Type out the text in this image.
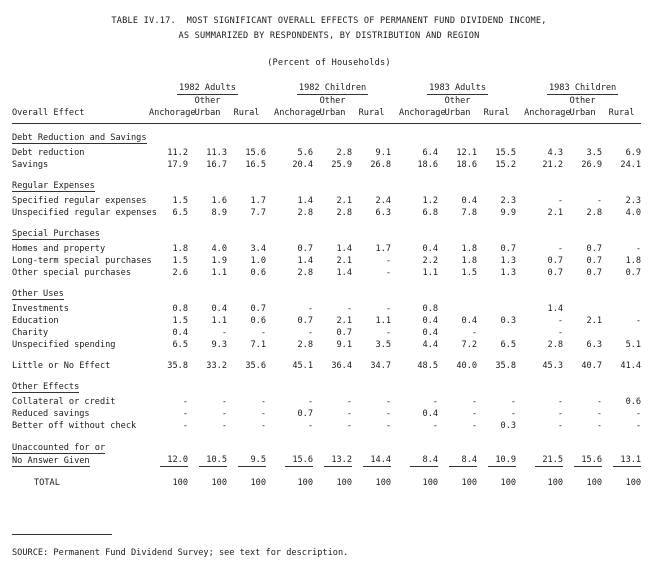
TABLE IV.17.  MOST SIGNIFICANT OVERALL EFFECTS OF PERMANENT FUND DIVIDEND INCOME,
AS SUMMARIZED BY RESPONDENTS, BY DISTRIBUTION AND REGION
(Percent of Households)
	1982 Adults				1982 Children				1983 Adults				1983 Children		
		Other				Other				Other				Other	
Overall Effect	Anchorage	Urban	Rural		Anchorage	Urban	Rural		Anchorage	Urban	Rural		Anchorage	Urban	Rural

Debt Reduction and Savings															

Debt reduction	11.2	11.3	15.6		5.6	2.8	9.1		6.4	12.1	15.5		4.3	3.5	6.9
Savings	17.9	16.7	16.5		20.4	25.9	26.8		18.6	18.6	15.2		21.2	26.9	24.1

Regular Expenses															

Specified regular expenses	1.5	1.6	1.7		1.4	2.1	2.4		1.2	0.4	2.3		-	-	2.3
Unspecified regular expenses	6.5	8.9	7.7		2.8	2.8	6.3		6.8	7.8	9.9		2.1	2.8	4.0

Special Purchases															

Homes and property	1.8	4.0	3.4		0.7	1.4	1.7		0.4	1.8	0.7		-	0.7	-
Long-term special purchases	1.5	1.9	1.0		1.4	2.1	-		2.2	1.8	1.3		0.7	0.7	1.8
Other special purchases	2.6	1.1	0.6		2.8	1.4	-		1.1	1.5	1.3		0.7	0.7	0.7

Other Uses															

Investments	0.8	0.4	0.7		-	-	-		0.8				1.4		
Education	1.5	1.1	0.6		0.7	2.1	1.1		0.4	0.4	0.3		-	2.1	-
Charity	0.4	-	-		-	0.7	-		0.4	-			-		
Unspecified spending	6.5	9.3	7.1		2.8	9.1	3.5		4.4	7.2	6.5		2.8	6.3	5.1

Little or No Effect	35.8	33.2	35.6		45.1	36.4	34.7		48.5	40.0	35.8		45.3	40.7	41.4

Other Effects															

Collateral or credit	-	-	-		-	-	-		-	-	-		-	-	0.6
Reduced savings	-	-	-		0.7	-	-		0.4	-	-		-	-	-
Better off without check	-	-	-		-	-	-		-	-	0.3		-	-	-

Unaccounted for or															
No Answer Given	12.0	10.5	9.5		15.6	13.2	14.4		8.4	8.4	10.9		21.5	15.6	13.1

TOTAL	100	100	100		100	100	100		100	100	100		100	100	100
SOURCE: Permanent Fund Dividend Survey; see text for description.
